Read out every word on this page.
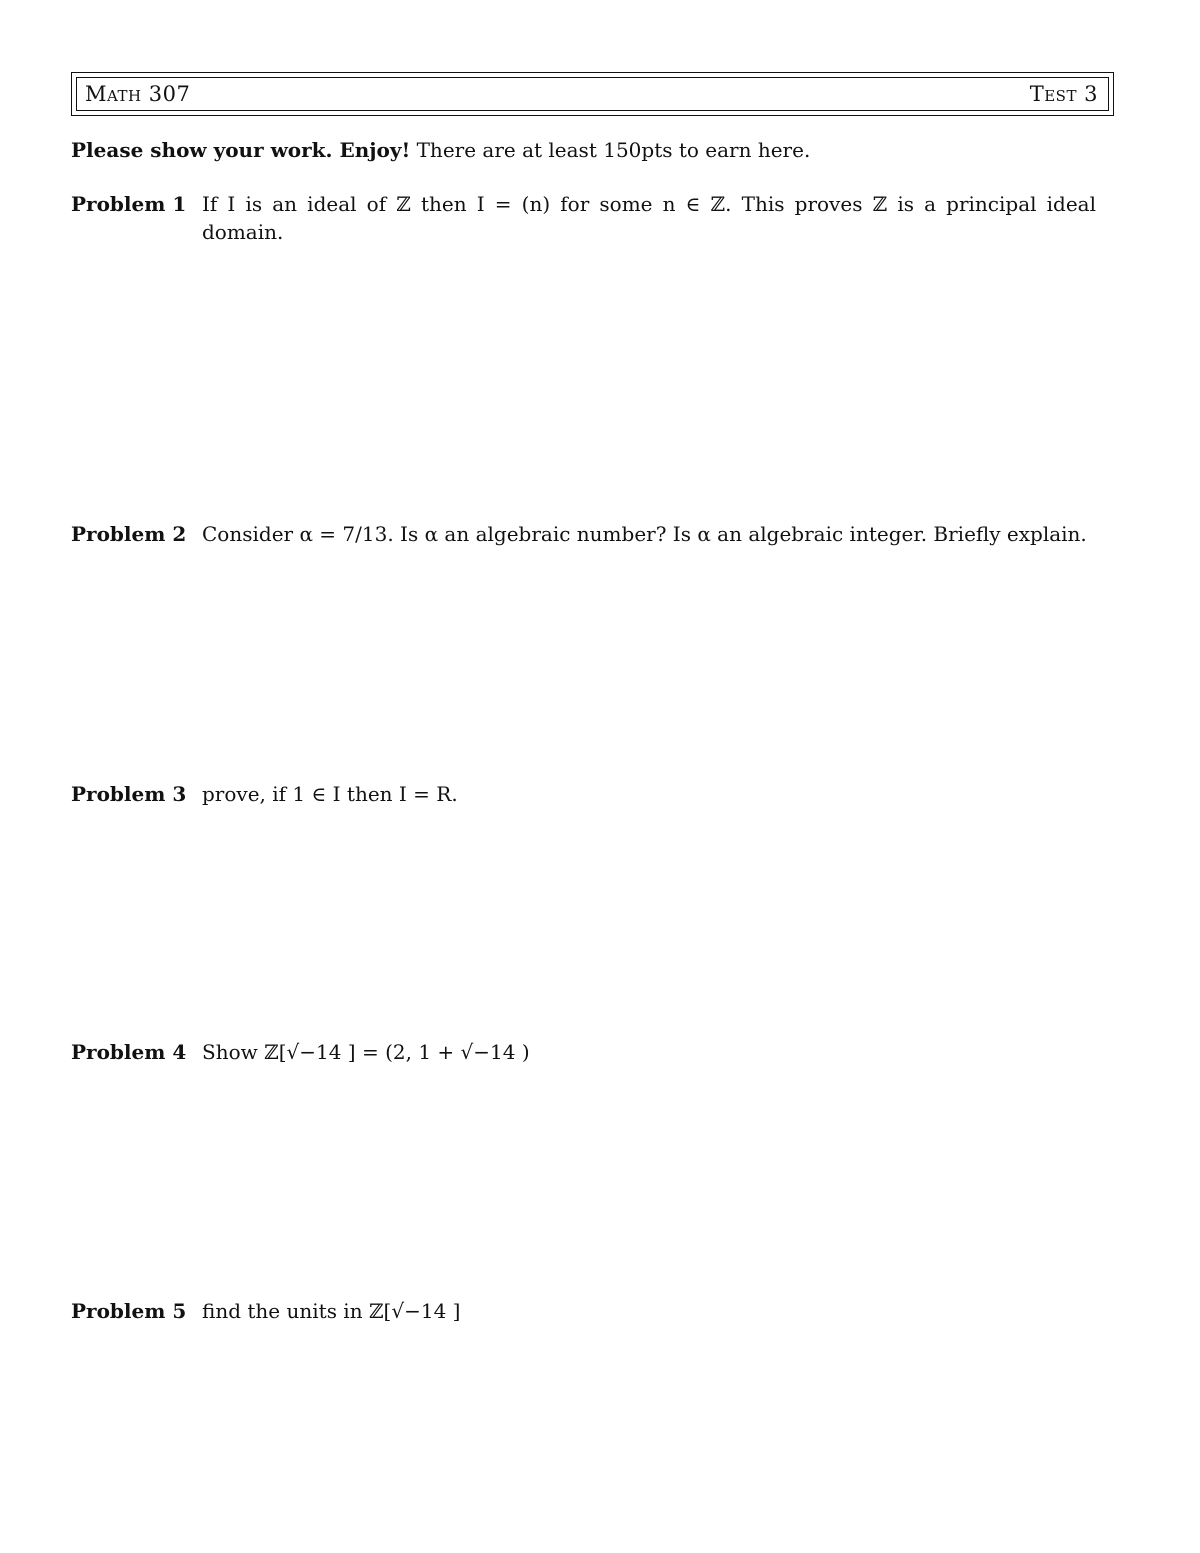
Math 307	Test 3
Please show your work. Enjoy! There are at least 150pts to earn here.
Problem 1 If I is an ideal of ℤ then I = (n) for some n ∈ ℤ. This proves ℤ is a principal ideal domain.
Problem 2 Consider α = 7/13. Is α an algebraic number? Is α an algebraic integer. Briefly explain.
Problem 3 prove, if 1 ∈ I then I = R.
Problem 4 Show ℤ[√−14 ] = (2, 1 + √−14 )
Problem 5 find the units in ℤ[√−14 ]
